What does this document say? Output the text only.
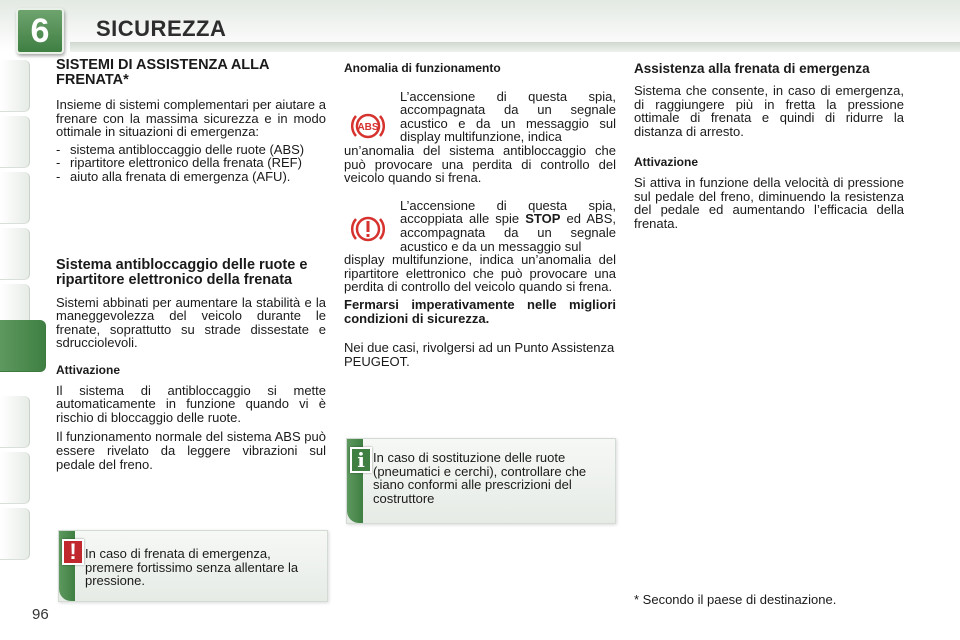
6	SICUREZZA
SISTEMI DI ASSISTENZA ALLA FRENATA*

Insieme di sistemi complementari per aiutare a frenare con la massima sicurezza e in modo ottimale in situazioni di emergenza:

- sistema antibloccaggio delle ruote (ABS)
- ripartitore elettronico della frenata (REF)
- aiuto alla frenata di emergenza (AFU).
Sistema antibloccaggio delle ruote e ripartitore elettronico della frenata

Sistemi abbinati per aumentare la stabilità e la maneggevolezza del veicolo durante le frenate, soprattutto su strade dissestate e sdrucciolevoli.

Attivazione

Il sistema di antibloccaggio si mette automaticamente in funzione quando vi è rischio di bloccaggio delle ruote.

Il funzionamento normale del sistema ABS può essere rivelato da leggere vibrazioni sul pedale del freno.

Anomalia di funzionamento
ABS

L’accensione di questa spia, accompagnata da un segnale acustico e da un messaggio sul display multifunzione, indica

un’anomalia del sistema antibloccaggio che può provocare una perdita di controllo del veicolo quando si frena.

L’accensione di questa spia, accoppiata alle spie STOP ed ABS, accompagnata da un segnale acustico e da un messaggio sul

display multifunzione, indica un’anomalia del ripartitore elettronico che può provocare una perdita di controllo del veicolo quando si frena.

Fermarsi imperativamente nelle migliori condizioni di sicurezza.

Nei due casi, rivolgersi ad un Punto Assistenza PEUGEOT.

Assistenza alla frenata di emergenza

Sistema che consente, in caso di emergenza, di raggiungere più in fretta la pressione ottimale di frenata e quindi di ridurre la distanza di arresto.

Attivazione

Si attiva in funzione della velocità di pressione sul pedale del freno, diminuendo la resistenza del pedale ed aumentando l’efficacia della frenata.

i In caso di sostituzione delle ruote (pneumatici e cerchi), controllare che siano conformi alle prescrizioni del costruttore
! In caso di frenata di emergenza, premere fortissimo senza allentare la pressione.
* Secondo il paese di destinazione.
96
